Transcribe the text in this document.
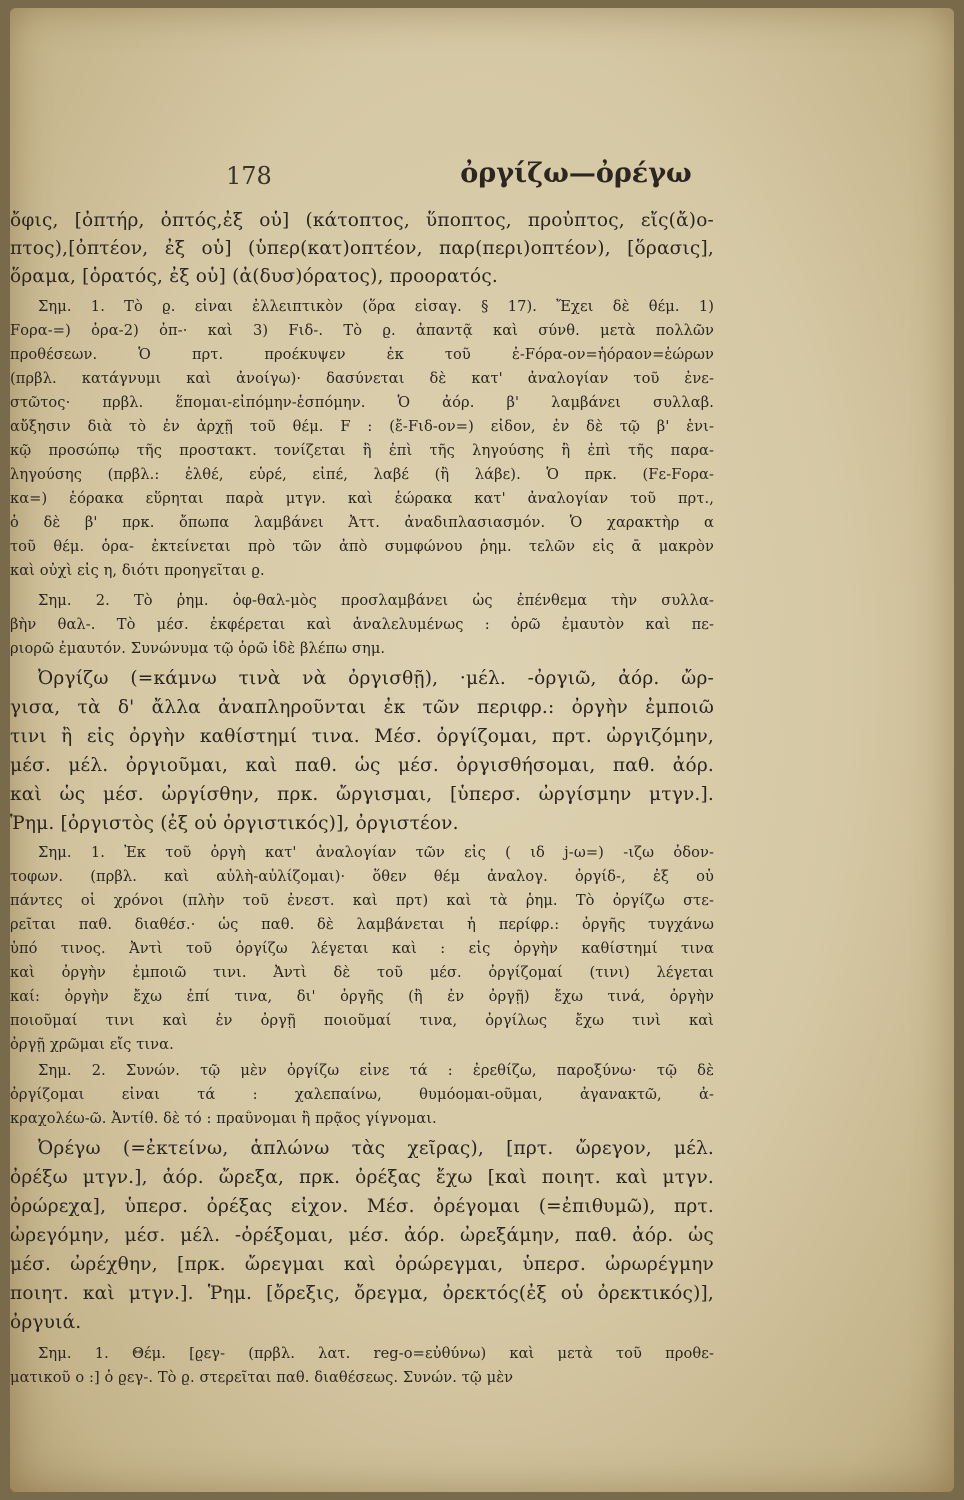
178	ὀργίζω—ὀρέγω
ὄφις, [ὀπτήρ, ὀπτός,ἐξ οὗ] (κάτοπτος, ὕποπτος, προὖπτος, εἴς(ἄ)ο-
πτος),[ὀπτέον, ἐξ οὗ] (ὑπερ(κατ)οπτέον, παρ(περι)οπτέον), [ὅρασις],
ὅραμα, [ὁρατός, ἐξ οὗ] (ἀ(δυσ)όρατος), προορατός.
Σημ. 1. Τὸ ϱ. εἶναι ἐλλειπτικὸν (ὅρα εἰσαγ. § 17). Ἔχει δὲ θέμ. 1)
Fορα-=) ὁρα-2) ὀπ-· καὶ 3) Fιδ-. Τὸ ϱ. ἀπαντᾷ καὶ σύνθ. μετὰ πολλῶν
προθέσεων. Ὁ πρτ. προέκυψεν ἐκ τοῦ ἐ-Fόρα-ον=ἡόραον=ἑώρων
(πρβλ. κατάγνυμι καὶ ἀνοίγω)· δασύνεται δὲ κατ' ἀναλογίαν τοῦ ἐνε-
στῶτος· πρβλ. ἕπομαι-εἰπόμην-ἑσπόμην. Ὁ ἀόρ. β' λαμβάνει συλλαβ.
αὔξησιν διὰ τὸ ἐν ἀρχῇ τοῦ θέμ. F : (ἔ-Fιδ-ον=) εἶδον, ἐν δὲ τῷ β' ἑνι-
κῷ προσώπῳ τῆς προστακτ. τονίζεται ἢ ἐπὶ τῆς ληγούσης ἢ ἐπὶ τῆς παρα-
ληγούσης (πρβλ.: ἐλθέ, εὑρέ, εἰπέ, λαβέ (ἢ λάβε). Ὁ πρκ. (Fε-Fορα-
κα=) ἑόρακα εὕρηται παρὰ μτγν. καὶ ἑώρακα κατ' ἀναλογίαν τοῦ πρτ.,
ὁ δὲ β' πρκ. ὄπωπα λαμβάνει Ἀττ. ἀναδιπλασιασμόν. Ὁ χαρακτὴρ α
τοῦ θέμ. ὁρα- ἐκτείνεται πρὸ τῶν ἀπὸ συμφώνου ῥημ. τελῶν εἰς ᾱ μακρὸν
καὶ οὐχὶ εἰς η, διότι προηγεῖται ϱ.
Σημ. 2. Τὸ ῥημ. ὀφ-θαλ-μὸς προσλαμβάνει ὡς ἐπένθεμα τὴν συλλα-
βὴν θαλ-. Τὸ μέσ. ἐκφέρεται καὶ ἀναλελυμένως : ὁρῶ ἐμαυτὸν καὶ πε-
ριορῶ ἐμαυτόν. Συνώνυμα τῷ ὁρῶ ἰδὲ βλέπω σημ.
Ὀργίζω (=κάμνω τινὰ νὰ ὀργισθῇ), ·μέλ. -ὀργιῶ, ἀόρ. ὤρ-
γισα, τὰ δ' ἄλλα ἀναπληροῦνται ἐκ τῶν περιφρ.: ὀργὴν ἐμποιῶ
τινι ἢ εἰς ὀργὴν καθίστημί τινα. Μέσ. ὀργίζομαι, πρτ. ὠργιζόμην,
μέσ. μέλ. ὀργιοῦμαι, καὶ παθ. ὡς μέσ. ὀργισθήσομαι, παθ. ἀόρ.
καὶ ὡς μέσ. ὠργίσθην, πρκ. ὤργισμαι, [ὑπερσ. ὠργίσμην μτγν.].
Ῥημ. [ὀργιστὸς (ἐξ οὗ ὀργιστικός)], ὀργιστέον.
Σημ. 1. Ἐκ τοῦ ὀργὴ κατ' ἀναλογίαν τῶν εἰς ( ιδ j-ω=) -ιζω ὀδον-
τοφων. (πρβλ. καὶ αὐλὴ-αὐλίζομαι)· ὅθεν θέμ ἀναλογ. ὀργίδ-, ἐξ οὗ
πάντες οἱ χρόνοι (πλὴν τοῦ ἐνεστ. καὶ πρτ) καὶ τὰ ῥημ. Τὸ ὀργίζω στε-
ρεῖται παθ. διαθέσ.· ὡς παθ. δὲ λαμβάνεται ἡ περίφρ.: ὀργῆς τυγχάνω
ὑπό τινος. Ἀντὶ τοῦ ὀργίζω λέγεται καὶ : εἰς ὀργὴν καθίστημί τινα
καὶ ὀργὴν ἐμποιῶ τινι. Ἀντὶ δὲ τοῦ μέσ. ὀργίζομαί (τινι) λέγεται
καί: ὀργὴν ἔχω ἐπί τινα, δι' ὀργῆς (ἢ ἐν ὀργῇ) ἔχω τινά, ὀργὴν
ποιοῦμαί τινι καὶ ἐν ὀργῇ ποιοῦμαί τινα, ὀργίλως ἔχω τινὶ καὶ
ὀργῇ χρῶμαι εἴς τινα.
Σημ. 2. Συνών. τῷ μὲν ὀργίζω εἶνε τά : ἐρεθίζω, παροξύνω· τῷ δὲ
ὀργίζομαι εἶναι τά : χαλεπαίνω, θυμόομαι-οῦμαι, ἀγανακτῶ, ἀ-
κραχολέω-ῶ. Ἀντίθ. δὲ τό : πραΰνομαι ἢ πρᾷος γίγνομαι.
Ὀρέγω (=ἐκτείνω, ἁπλώνω τὰς χεῖρας), [πρτ. ὤρεγον, μέλ.
ὀρέξω μτγν.], ἀόρ. ὤρεξα, πρκ. ὀρέξας ἔχω [καὶ ποιητ. καὶ μτγν.
ὀρώρεχα], ὑπερσ. ὀρέξας εἶχον. Μέσ. ὀρέγομαι (=ἐπιθυμῶ), πρτ.
ὠρεγόμην, μέσ. μέλ. -ὀρέξομαι, μέσ. ἀόρ. ὠρεξάμην, παθ. ἀόρ. ὡς
μέσ. ὠρέχθην, [πρκ. ὤρεγμαι καὶ ὀρώρεγμαι, ὑπερσ. ὠρωρέγμην
ποιητ. καὶ μτγν.]. Ῥημ. [ὄρεξις, ὄρεγμα, ὀρεκτός(ἐξ οὗ ὀρεκτικός)],
ὀργυιά.
Σημ. 1. Θέμ. [ϱεγ- (πρβλ. λατ. reg-o=εὐθύνω) καὶ μετὰ τοῦ προθε-
ματικοῦ o :] ὀ ϱεγ-. Τὸ ϱ. στερεῖται παθ. διαθέσεως. Συνών. τῷ μὲν
